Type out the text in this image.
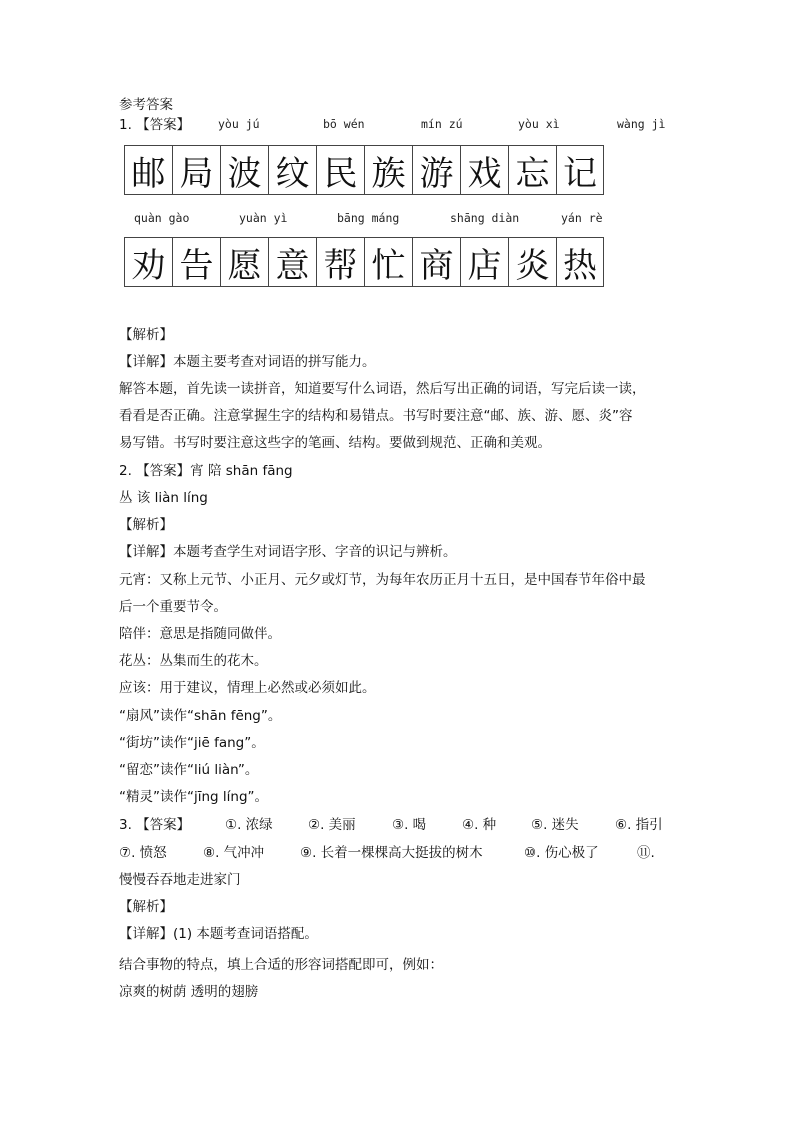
参考答案
1. 【答案】 yòu jú	bō wén	mín zú	yòu xì	wàng jì
邮 局 波 纹 民 族 游 戏 忘 记
quàn gào	yuàn yì	bāng máng	shāng diàn	yán rè
劝 告 愿 意 帮 忙 商 店 炎 热
【解析】
【详解】本题主要考查对词语的拼写能力。
解答本题，首先读一读拼音，知道要写什么词语，然后写出正确的词语，写完后读一读，
看看是否正确。注意掌握生字的结构和易错点。书写时要注意“邮、族、游、愿、炎”容
易写错。书写时要注意这些字的笔画、结构。要做到规范、正确和美观。
2. 【答案】宵 陪 shān fāng
丛 该 liàn líng
【解析】
【详解】本题考查学生对词语字形、字音的识记与辨析。
元宵：又称上元节、小正月、元夕或灯节，为每年农历正月十五日，是中国春节年俗中最
后一个重要节令。
陪伴：意思是指随同做伴。
花丛：丛集而生的花木。
应该：用于建议，情理上必然或必须如此。
“扇风”读作“shān fēng”。
“街坊”读作“jiē fang”。
“留恋”读作“liú liàn”。
“精灵”读作“jīng líng”。
3. 【答案】	①. 浓绿	②. 美丽	③. 喝	④. 种	⑤. 迷失	⑥. 指引
⑦. 愤怒	⑧. 气冲冲	⑨. 长着一棵棵高大挺拔的树木	⑩. 伤心极了	⑪.
慢慢吞吞地走进家门
【解析】
【详解】(1) 本题考查词语搭配。
结合事物的特点，填上合适的形容词搭配即可，例如：
凉爽的树荫 透明的翅膀
